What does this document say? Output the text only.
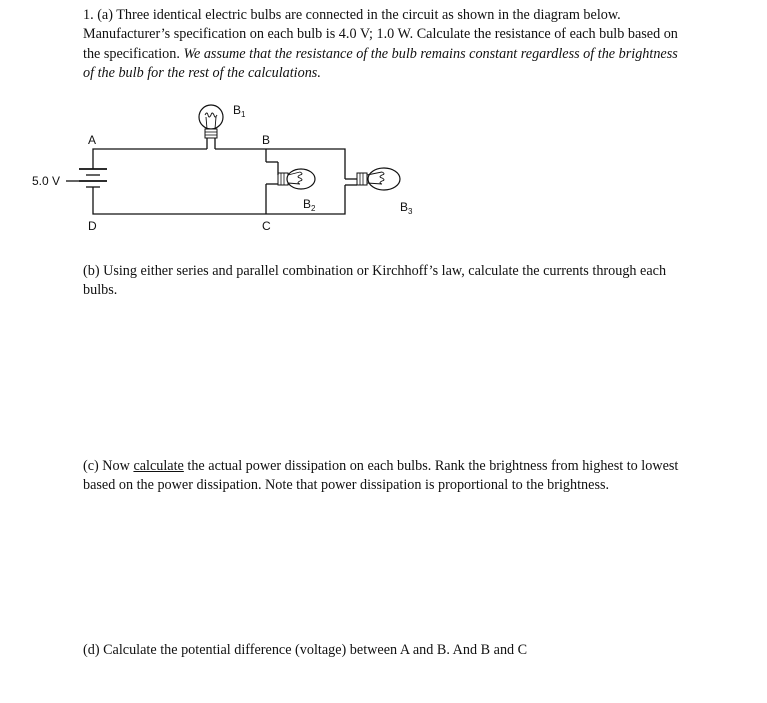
1. (a) Three identical electric bulbs are connected in the circuit as shown in the diagram below. Manufacturer’s specification on each bulb is 4.0 V; 1.0 W. Calculate the resistance of each bulb based on the specification. We assume that the resistance of the bulb remains constant regardless of the brightness of the bulb for the rest of the calculations.

5.0 V
A	B
C
D
B 1
B 2	B 3

(b) Using either series and parallel combination or Kirchhoff’s law, calculate the currents through each bulbs.

(c) Now calculate the actual power dissipation on each bulbs. Rank the brightness from highest to lowest based on the power dissipation. Note that power dissipation is proportional to the brightness.

(d) Calculate the potential difference (voltage) between A and B. And B and C
